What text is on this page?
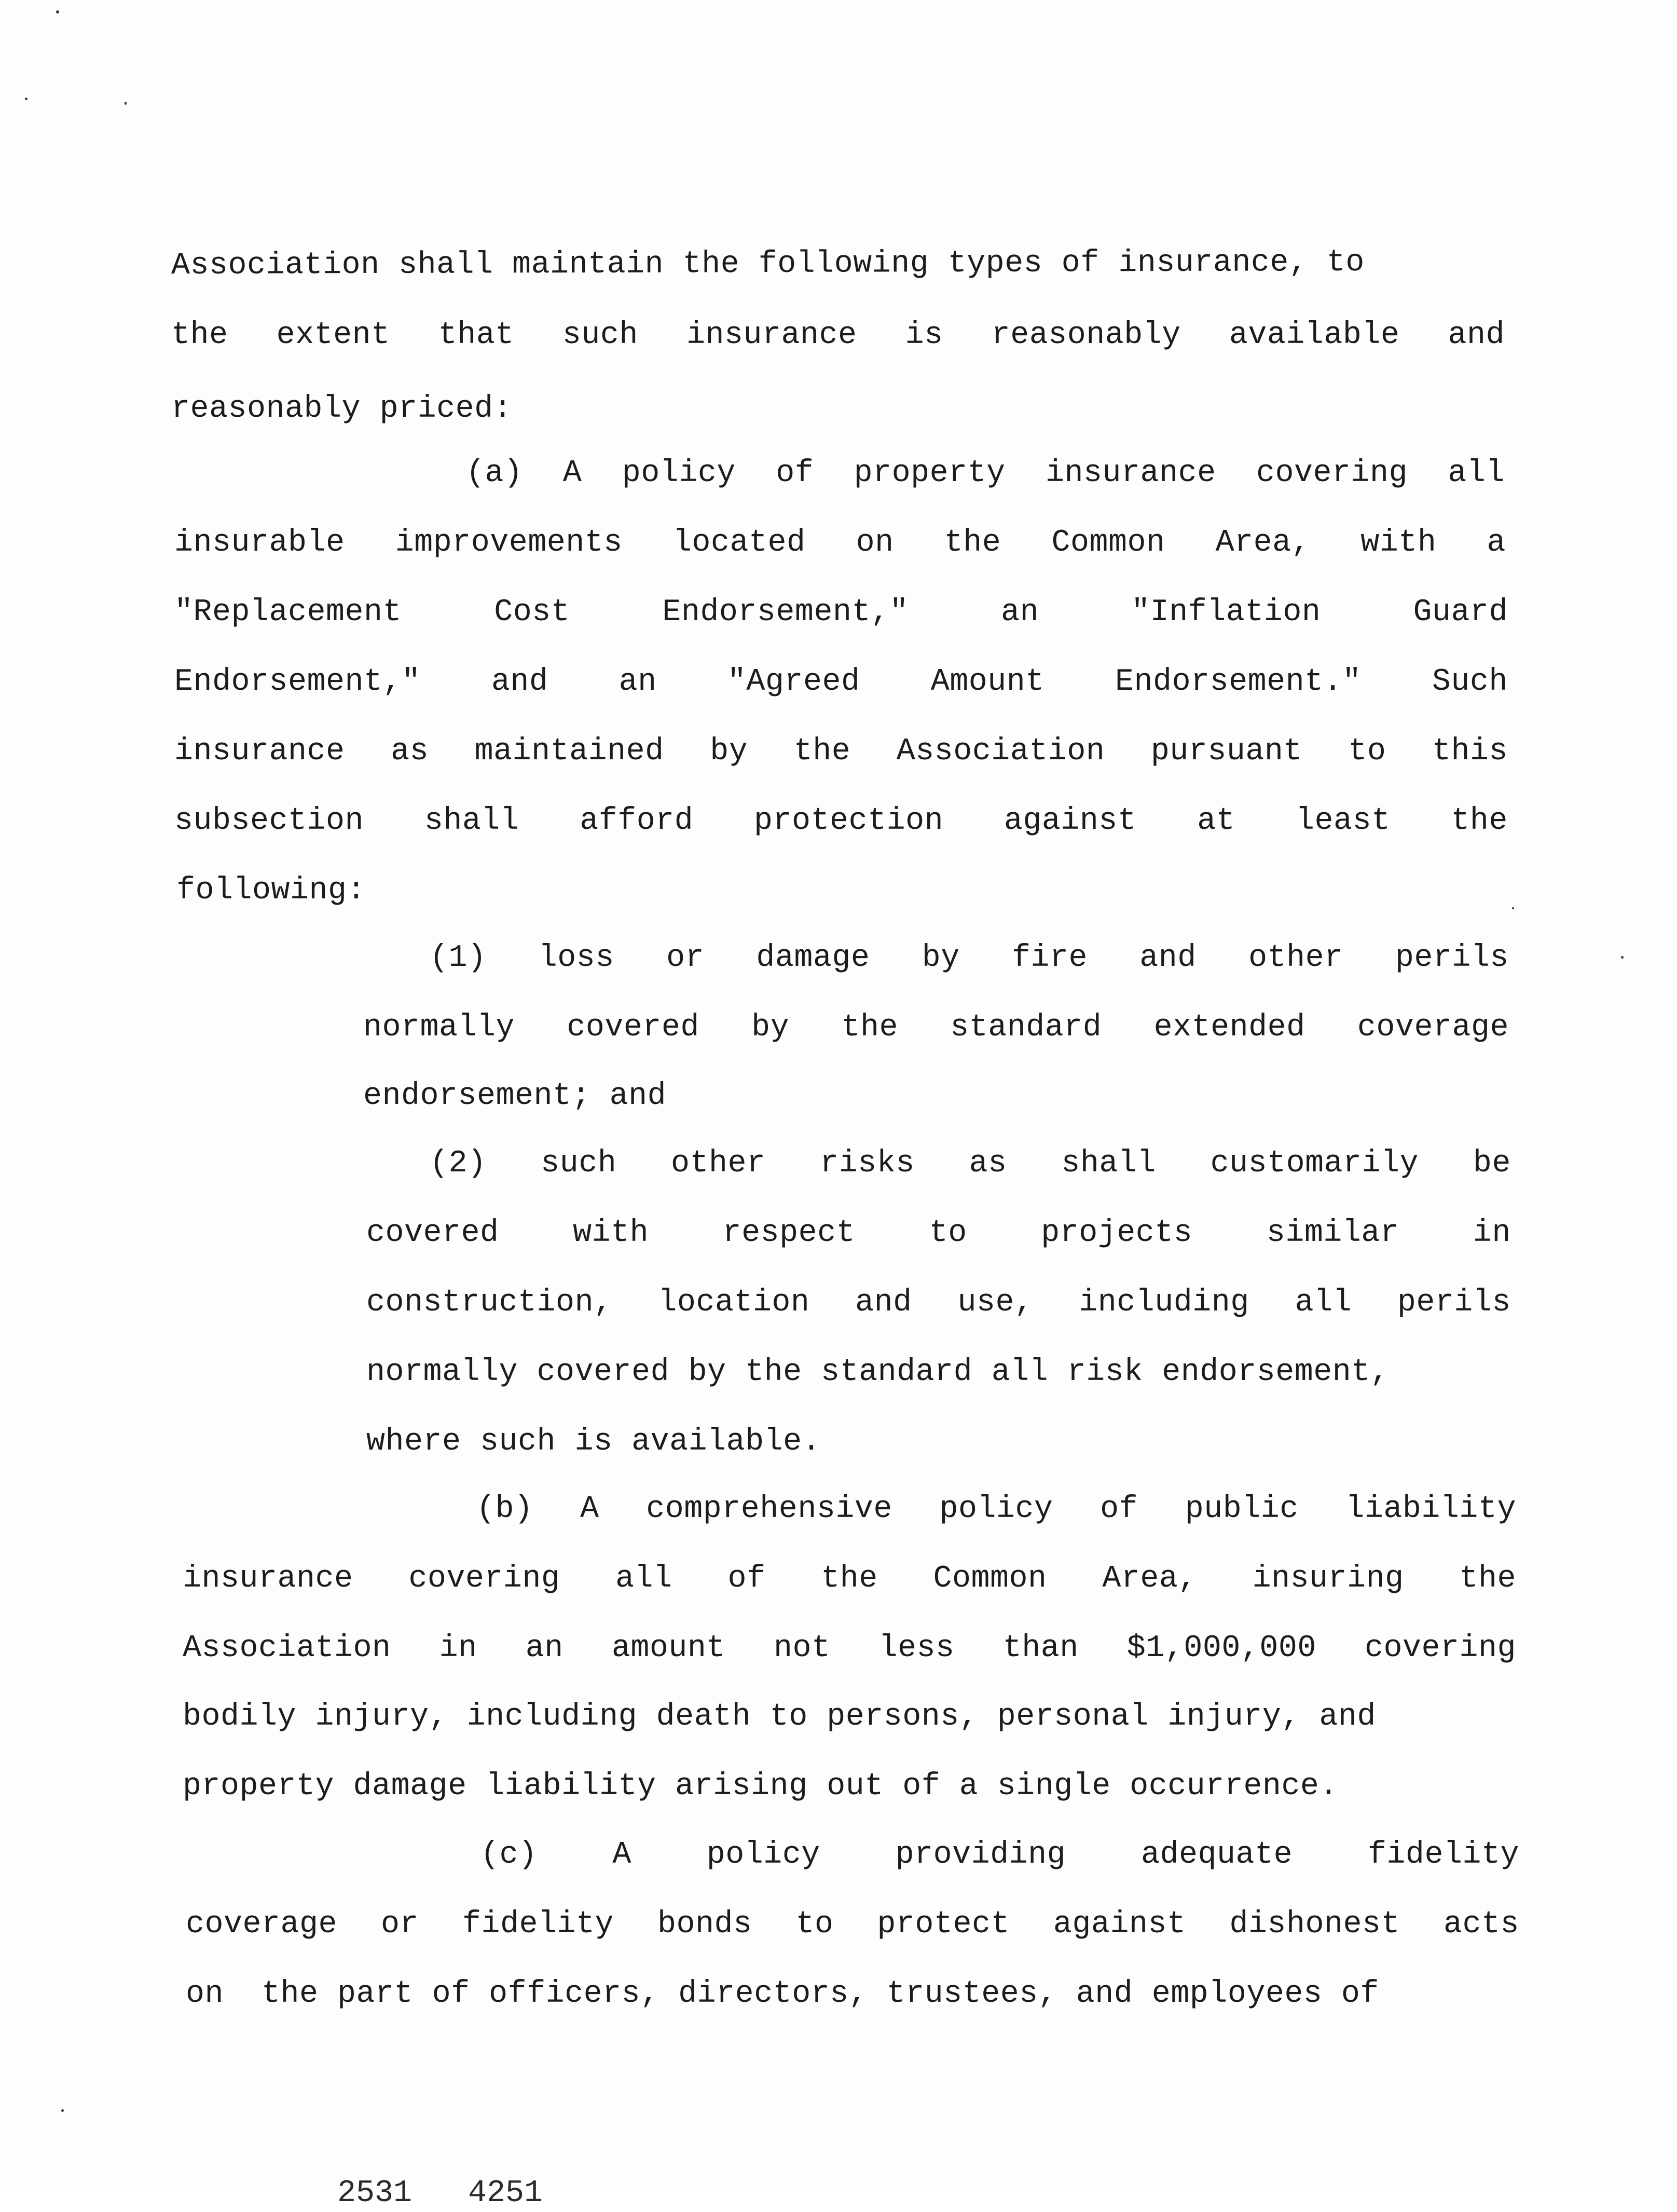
Association shall maintain the following types of insurance, to
the extent that such insurance is reasonably available and
reasonably priced:
(a) A policy of property insurance covering all
insurable improvements located on the Common Area, with a
"Replacement	Cost	Endorsement,"	an	"Inflation	Guard
Endorsement," and an "Agreed Amount Endorsement." Such
insurance as maintained by the Association pursuant to this
subsection shall afford protection against at least the
following:
(1) loss or damage by fire and other perils
normally covered by the standard extended coverage
endorsement; and
(2) such other risks as shall customarily be
covered with respect to projects similar in
construction, location and use, including all perils
normally covered by the standard all risk endorsement,
where such is available.
(b) A comprehensive policy of public liability
insurance covering all of the Common Area, insuring the
Association in an amount not less than $1,000,000 covering
bodily injury, including death to persons, personal injury, and
property damage liability arising out of a single occurrence.
(c) A policy providing adequate fidelity
coverage or fidelity bonds to protect against dishonest acts
on  the part of officers, directors, trustees, and employees of
2531   4251
